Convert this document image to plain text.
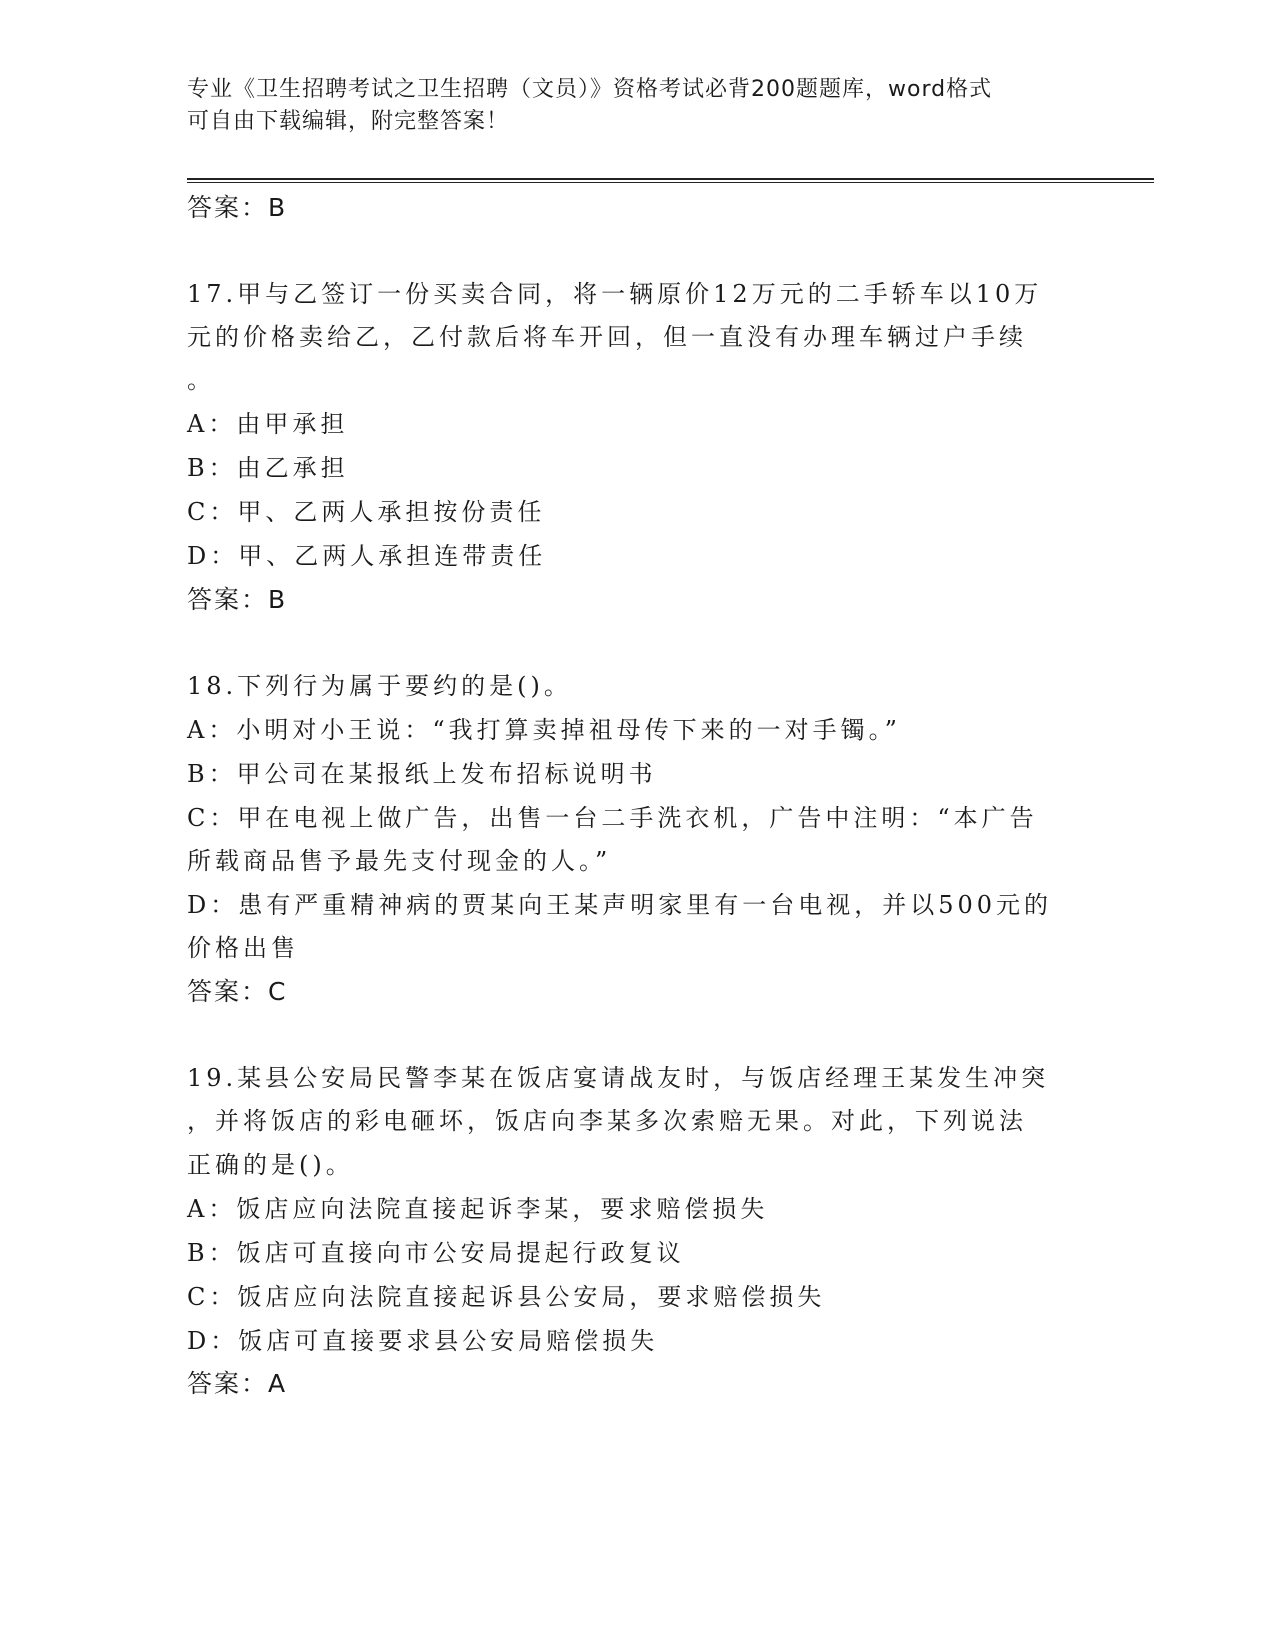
专业《卫生招聘考试之卫生招聘（文员）》资格考试必背200题题库，word格式
可自由下载编辑，附完整答案！
答案：B
17.甲与乙签订一份买卖合同，将一辆原价12万元的二手轿车以10万
元的价格卖给乙，乙付款后将车开回，但一直没有办理车辆过户手续
。
A：由甲承担
B：由乙承担
C：甲、乙两人承担按份责任
D：甲、乙两人承担连带责任
答案：B
18.下列行为属于要约的是()。
A：小明对小王说：“我打算卖掉祖母传下来的一对手镯。”
B：甲公司在某报纸上发布招标说明书
C：甲在电视上做广告，出售一台二手洗衣机，广告中注明：“本广告
所载商品售予最先支付现金的人。”
D：患有严重精神病的贾某向王某声明家里有一台电视，并以500元的
价格出售
答案：C
19.某县公安局民警李某在饭店宴请战友时，与饭店经理王某发生冲突
，并将饭店的彩电砸坏，饭店向李某多次索赔无果。对此，下列说法
正确的是()。
A：饭店应向法院直接起诉李某，要求赔偿损失
B：饭店可直接向市公安局提起行政复议
C：饭店应向法院直接起诉县公安局，要求赔偿损失
D：饭店可直接要求县公安局赔偿损失
答案：A
